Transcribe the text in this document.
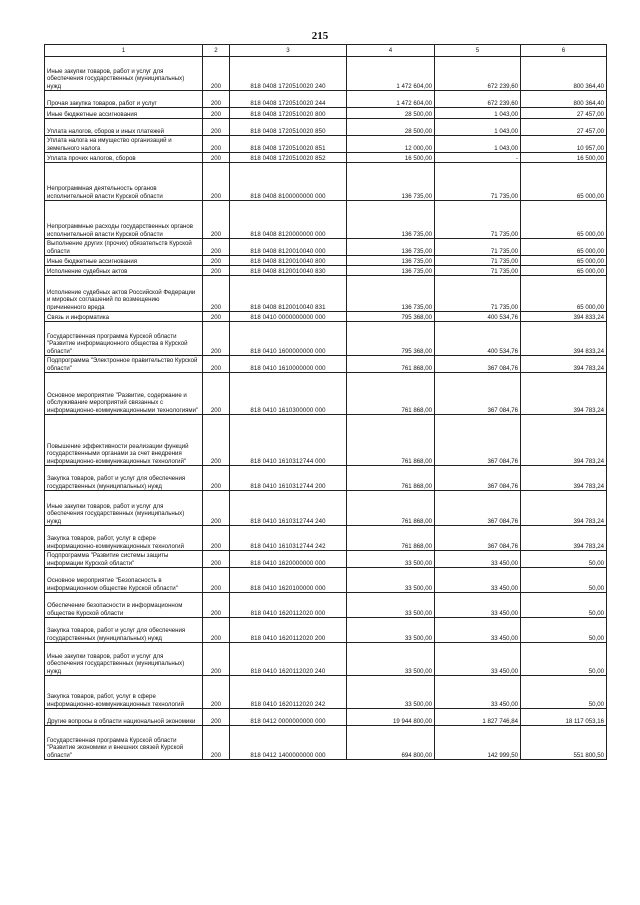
215
1	2	3	4	5	6
Иные закупки товаров, работ и услуг для обеспечения государственных (муниципальных) нужд	200	818 0408 1720510020 240	1 472 604,00	672 239,60	800 364,40
Прочая закупка товаров, работ и услуг	200	818 0408 1720510020 244	1 472 604,00	672 239,60	800 364,40
Иные бюджетные ассигнования	200	818 0408 1720510020 800	28 500,00	1 043,00	27 457,00
Уплата налогов, сборов и иных платежей	200	818 0408 1720510020 850	28 500,00	1 043,00	27 457,00
Уплата налога на имущество организаций и земельного налога	200	818 0408 1720510020 851	12 000,00	1 043,00	10 957,00
Уплата прочих налогов, сборов	200	818 0408 1720510020 852	16 500,00	-	16 500,00
Непрограммная деятельность органов исполнительной власти Курской области	200	818 0408 8100000000 000	136 735,00	71 735,00	65 000,00
Непрограммные расходы государственных органов исполнительной власти Курской области	200	818 0408 8120000000 000	136 735,00	71 735,00	65 000,00
Выполнение других (прочих) обязательств Курской области	200	818 0408 8120010040 000	136 735,00	71 735,00	65 000,00
Иные бюджетные ассигнования	200	818 0408 8120010040 800	136 735,00	71 735,00	65 000,00
Исполнение судебных актов	200	818 0408 8120010040 830	136 735,00	71 735,00	65 000,00
Исполнение судебных актов Российской Федерации и мировых соглашений по возмещению причиненного вреда	200	818 0408 8120010040 831	136 735,00	71 735,00	65 000,00
Связь и информатика	200	818 0410 0000000000 000	795 368,00	400 534,76	394 833,24
Государственная программа Курской области "Развитие информационного общества в Курской области"	200	818 0410 1600000000 000	795 368,00	400 534,76	394 833,24
Подпрограмма "Электронное правительство Курской области"	200	818 0410 1610000000 000	761 868,00	367 084,76	394 783,24
Основное мероприятие "Развитие, содержание и обслуживание мероприятий связанных с информационно-коммуникационными технологиями"	200	818 0410 1610300000 000	761 868,00	367 084,76	394 783,24
Повышение эффективности реализации функций государственными органами за счет внедрения информационно-коммуникационных технологий"	200	818 0410 1610312744 000	761 868,00	367 084,76	394 783,24
Закупка товаров, работ и услуг для обеспечения государственных (муниципальных) нужд	200	818 0410 1610312744 200	761 868,00	367 084,76	394 783,24
Иные закупки товаров, работ и услуг для обеспечения государственных (муниципальных) нужд	200	818 0410 1610312744 240	761 868,00	367 084,76	394 783,24
Закупка товаров, работ, услуг в сфере информационно-коммуникационных технологий	200	818 0410 1610312744 242	761 868,00	367 084,76	394 783,24
Подпрограмма "Развитие системы защиты информации Курской области"	200	818 0410 1620000000 000	33 500,00	33 450,00	50,00
Основное мероприятие "Безопасность в информационном обществе Курской области"	200	818 0410 1620100000 000	33 500,00	33 450,00	50,00
Обеспечение безопасности в информационном обществе Курской области	200	818 0410 1620112020 000	33 500,00	33 450,00	50,00
Закупка товаров, работ и услуг для обеспечения государственных (муниципальных) нужд	200	818 0410 1620112020 200	33 500,00	33 450,00	50,00
Иные закупки товаров, работ и услуг для обеспечения государственных (муниципальных) нужд	200	818 0410 1620112020 240	33 500,00	33 450,00	50,00
Закупка товаров, работ, услуг в сфере информационно-коммуникационных технологий	200	818 0410 1620112020 242	33 500,00	33 450,00	50,00
Другие вопросы в области национальной экономики	200	818 0412 0000000000 000	19 944 800,00	1 827 746,84	18 117 053,16
Государственная программа Курской области "Развитие экономики и внешних связей Курской области"	200	818 0412 1400000000 000	694 800,00	142 999,50	551 800,50
